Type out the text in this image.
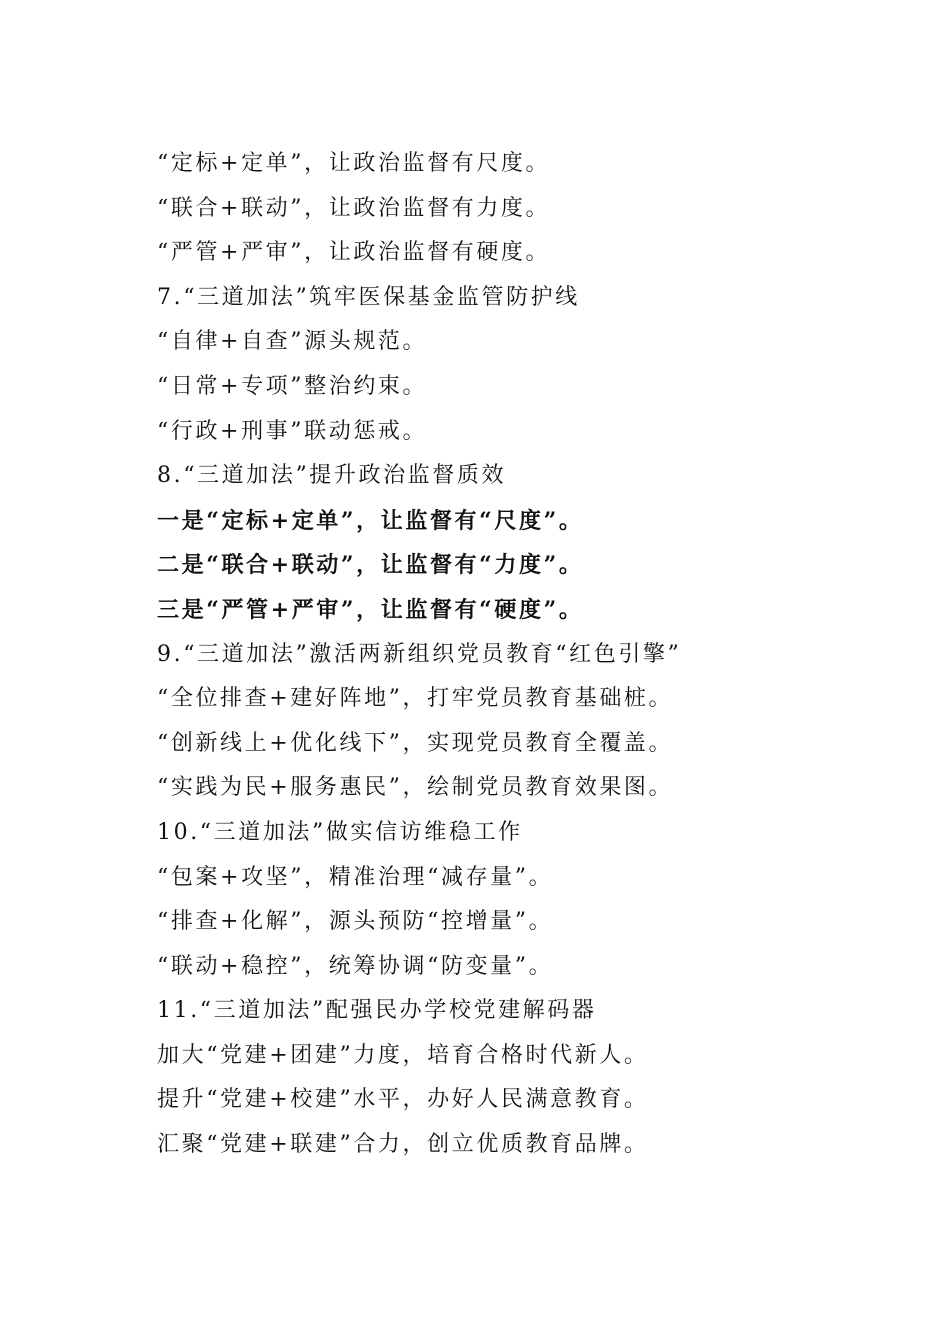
“定标+定单”，让政治监督有尺度。
“联合+联动”，让政治监督有力度。
“严管+严审”，让政治监督有硬度。
7.“三道加法”筑牢医保基金监管防护线
“自律+自查”源头规范。
“日常+专项”整治约束。
“行政+刑事”联动惩戒。
8.“三道加法”提升政治监督质效
一是“定标+定单”，让监督有“尺度”。
二是“联合+联动”，让监督有“力度”。
三是“严管+严审”，让监督有“硬度”。
9.“三道加法”激活两新组织党员教育“红色引擎”
“全位排查+建好阵地”，打牢党员教育基础桩。
“创新线上+优化线下”，实现党员教育全覆盖。
“实践为民+服务惠民”，绘制党员教育效果图。
10.“三道加法”做实信访维稳工作
“包案+攻坚”，精准治理“减存量”。
“排查+化解”，源头预防“控增量”。
“联动+稳控”，统筹协调“防变量”。
11.“三道加法”配强民办学校党建解码器
加大“党建+团建”力度，培育合格时代新人。
提升“党建+校建”水平，办好人民满意教育。
汇聚“党建+联建”合力，创立优质教育品牌。
